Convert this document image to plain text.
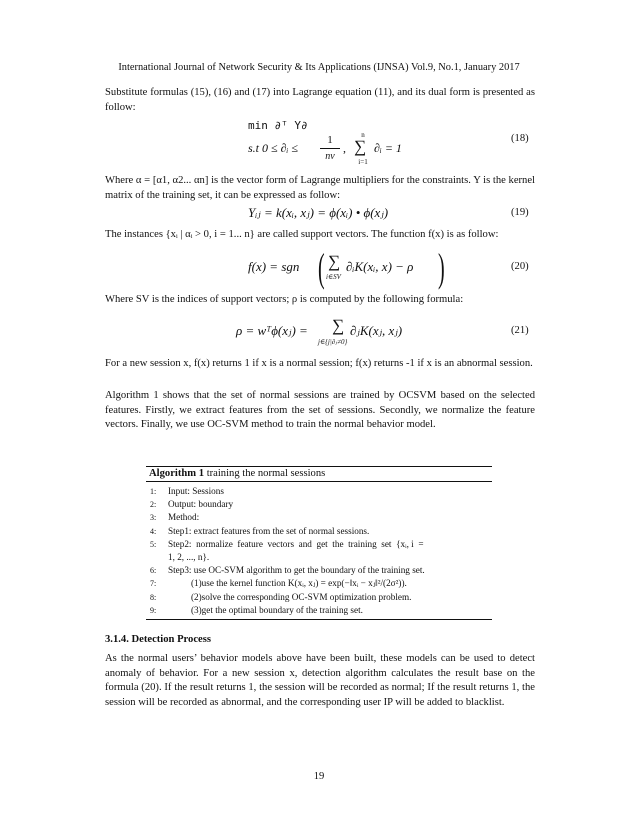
International Journal of Network Security & Its Applications (IJNSA) Vol.9, No.1, January 2017
Substitute formulas (15), (16) and (17) into Lagrange equation (11), and its dual form is presented as follow:
min ∂ᵀ Y∂
s.t 0 ≤ ∂ᵢ ≤
1
nv
,
n
∑
i=1
∂ᵢ = 1
(18)
Where α = [α1, α2... αn] is the vector form of Lagrange multipliers for the constraints. Y is the kernel matrix of the training set, it can be expressed as follow:
Yᵢⱼ = k(xᵢ, xⱼ) = ϕ(xᵢ) • ϕ(xⱼ)	(19)
The instances {xᵢ | αᵢ > 0, i = 1... n} are called support vectors. The function f(x) is as follow:
f(x) = sgn ( ∑
i∈SV
∂ᵢK(xᵢ, x) − ρ )	(20)
Where SV is the indices of support vectors; ρ is computed by the following formula:
ρ = wᵀϕ(xⱼ) = ∑
j∈{j|∂ⱼ≠0}
∂ⱼK(xⱼ, xⱼ)	(21)
For a new session x, f(x) returns 1 if x is a normal session; f(x) returns -1 if x is an abnormal session.
Algorithm 1 shows that the set of normal sessions are trained by OCSVM based on the selected features. Firstly, we extract features from the set of sessions. Secondly, we normalize the feature vectors. Finally, we use OC-SVM method to train the normal behavior model.
Algorithm 1 training the normal sessions
1: Input: Sessions
2: Output: boundary
3: Method:
4: Step1: extract features from the set of normal sessions.
5: Step2:  normalize  feature  vectors  and  get  the  training  set  {xᵢ, i  =
1, 2, ..., n}.
6: Step3: use OC-SVM algorithm to get the boundary of the training set.
7: (1)use the kernel function K(xᵢ, xⱼ) = exp(−‖xᵢ − xⱼ‖²/(2σ²)).
8: (2)solve the corresponding OC-SVM optimization problem.
9: (3)get the optimal boundary of the training set.
3.1.4. Detection Process
As the normal users’ behavior models above have been built, these models can be used to detect anomaly of behavior. For a new session x, detection algorithm calculates the result base on the formula (20). If the result returns 1, the session will be recorded as normal; If the result returns 1, the session will be recorded as abnormal, and the corresponding user IP will be added to blacklist.
19
